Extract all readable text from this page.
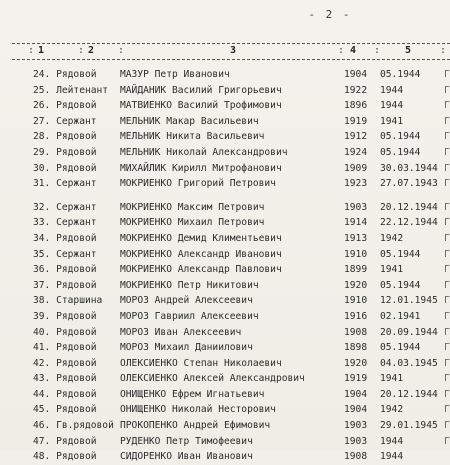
- 2 -
: 1	: 2 :	3	: 4 : 5	:
24. Рядовой МАЗУР Петр Иванович	1904 05.1944 Г
25. Лейтенант МАЙДАНИК Василий Григорьевич	1922 1944	Г
26. Рядовой МАТВИЕНКО Василий Трофимович	1896 1944	Г
27. Сержант МЕЛЬНИК Макар Васильевич	1919 1941	Г
28. Рядовой МЕЛЬНИК Никита Васильевич	1912 05.1944 Г
29. Рядовой МЕЛЬНИК Николай Александрович	1924 05.1944 Г
30. Рядовой МИХАЙЛИК Кирилл Митрофанович	1909 30.03.1944 Г
31. Сержант МОКРИЕНКО Григорий Петрович	1923 27.07.1943 Г
32. Сержант МОКРИЕНКО Максим Петрович	1903 20.12.1944 Г
33. Сержант МОКРИЕНКО Михаил Петрович	1914 22.12.1944 Г
34. Рядовой МОКРИЕНКО Демид Климентьевич	1913 1942	Г
35. Сержант МОКРИЕНКО Александр Иванович	1910 05.1944 Г
36. Рядовой МОКРИЕНКО Александр Павлович	1899 1941	Г
37. Рядовой МОКРИЕНКО Петр Никитович	1920 05.1944 Г
38. Старшина МОРОЗ Андрей Алексеевич	1910 12.01.1945 Г
39. Рядовой МОРОЗ Гавриил Алексеевич	1916 02.1941 Г
40. Рядовой МОРОЗ Иван Алексеевич	1908 20.09.1944 Г
41. Рядовой МОРОЗ Михаил Даниилович	1898 05.1944 Г
42. Рядовой ОЛЕКСИЕНКО Степан Николаевич	1920 04.03.1945 Г
43. Рядовой ОЛЕКСИЕНКО Алексей Александрович	1919 1941	Г
44. Рядовой ОНИЩЕНКО Ефрем Игнатьевич	1904 20.12.1944 Г
45. Рядовой ОНИЩЕНКО Николай Несторович	1904 1942	Г
46. Гв.рядовой ПРОКОПЕНКО Андрей Ефимович	1903 29.01.1945 Г
47. Рядовой РУДЕНКО Петр Тимофеевич	1903 1944	Г
48. Рядовой СИДОРЕНКО Иван Иванович	1908 1944
